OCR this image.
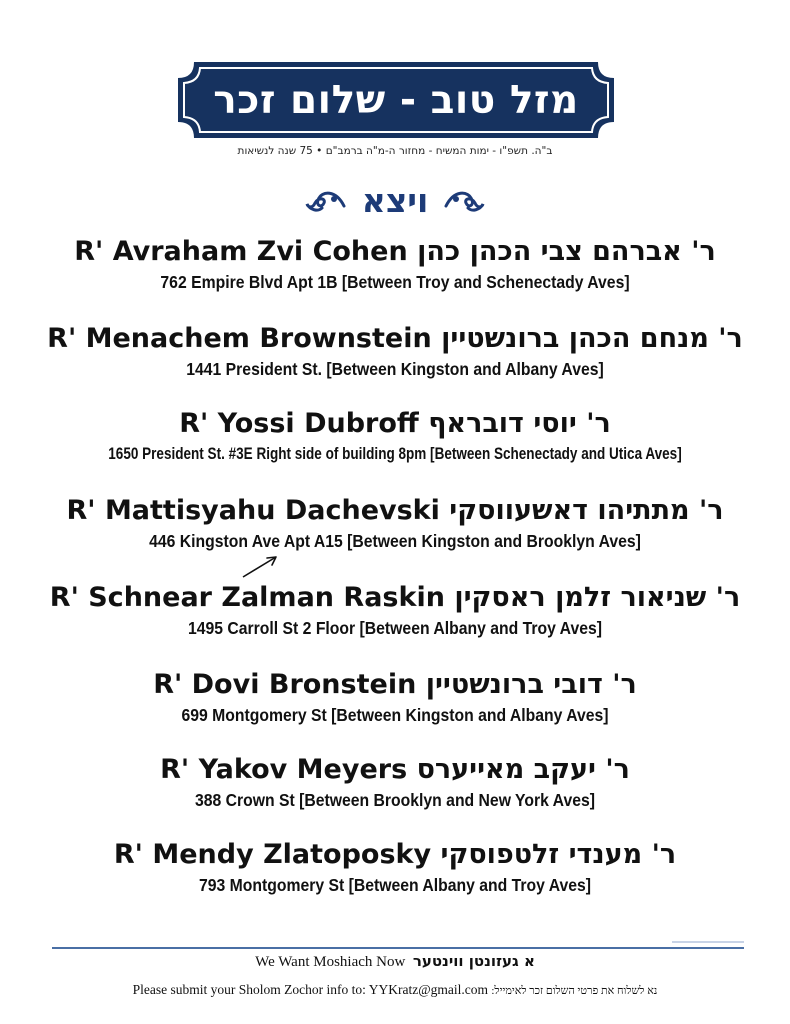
מזל טוב - שלום זכר
ב"ה. תשפ"ו - ימות המשיח - מחזור ה-מ"ה ברמב"ם • 75 שנה לנשיאות
ויצא
R' Avraham Zvi Cohen ר' אברהם צבי הכהן כהן
762 Empire Blvd Apt 1B [Between Troy and Schenectady Aves]
R' Menachem Brownstein ר' מנחם הכהן ברונשטיין
1441 President St. [Between Kingston and Albany Aves]
R' Yossi Dubroff ר' יוסי דובראף
1650 President St. #3E Right side of building 8pm [Between Schenectady and Utica Aves]
R' Mattisyahu Dachevski ר' מתתיהו דאשעווסקי
446 Kingston Ave Apt A15 [Between Kingston and Brooklyn Aves]
R' Schnear Zalman Raskin ר' שניאור זלמן ראסקין
1495 Carroll St 2 Floor [Between Albany and Troy Aves]
R' Dovi Bronstein ר' דובי ברונשטיין
699 Montgomery St [Between Kingston and Albany Aves]
R' Yakov Meyers ר' יעקב מאייערס
388 Crown St [Between Brooklyn and New York Aves]
R' Mendy Zlatoposky ר' מענדי זלטפוסקי
793 Montgomery St [Between Albany and Troy Aves]
We Want Moshiach Now א געזונטן ווינטער
Please submit your Sholom Zochor info to: YYKratz@gmail.com נא לשלוח את פרטי השלום זכר לאימייל:
